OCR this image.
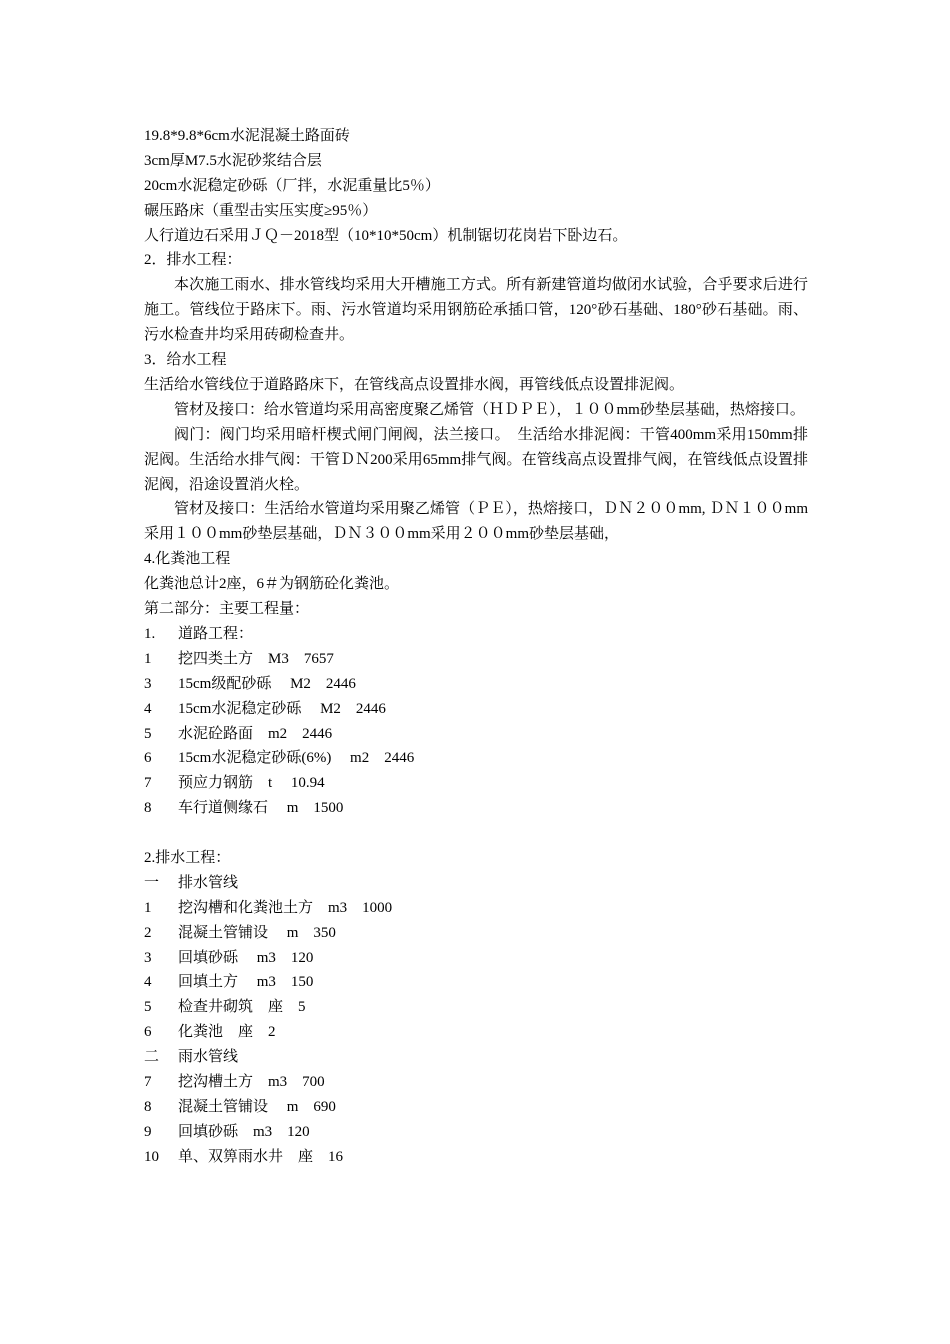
19.8*9.8*6cm水泥混凝土路面砖
3cm厚M7.5水泥砂浆结合层
20cm水泥稳定砂砾（厂拌，水泥重量比5％）
碾压路床（重型击实压实度≥95％）
人行道边石采用ＪＱ－2018型（10*10*50cm）机制锯切花岗岩下卧边石。
2．排水工程：
本次施工雨水、排水管线均采用大开槽施工方式。所有新建管道均做闭水试验，合乎要求后进行施工。管线位于路床下。雨、污水管道均采用钢筋砼承插口管，120°砂石基础、180°砂石基础。雨、污水检查井均采用砖砌检查井。
3．给水工程
生活给水管线位于道路路床下，在管线高点设置排水阀，再管线低点设置排泥阀。
管材及接口：给水管道均采用高密度聚乙烯管（ＨＤＰＥ），１００mm砂垫层基础，热熔接口。
阀门：阀门均采用暗杆楔式闸门闸阀，法兰接口。　生活给水排泥阀：干管400mm采用150mm排泥阀。生活给水排气阀：干管ＤＮ200采用65mm排气阀。在管线高点设置排气阀，在管线低点设置排泥阀，沿途设置消火栓。
管材及接口：生活给水管道均采用聚乙烯管（ＰＥ），热熔接口，ＤＮ２００mm, ＤＮ１００mm采用１００mm砂垫层基础，ＤＮ３００mm采用２００mm砂垫层基础，
4.化粪池工程
化粪池总计2座，6＃为钢筋砼化粪池。
第二部分：主要工程量：
1.	道路工程：
1	挖四类土方　M3　7657
3	15cm级配砂砾　 M2　2446
4	15cm水泥稳定砂砾　 M2　2446
5	水泥砼路面　m2　2446
6	15cm水泥稳定砂砾(6%)　 m2　2446
7	预应力钢筋　t　 10.94
8	车行道侧缘石　 m　1500
2.排水工程：
一	排水管线
1	挖沟槽和化粪池土方　m3　1000
2	混凝土管铺设　 m　350
3	回填砂砾　 m3　120
4	回填土方　 m3　150
5	检查井砌筑　座　5
6	化粪池　座　2
二	雨水管线
7	挖沟槽土方　m3　700
8	混凝土管铺设　 m　690
9	回填砂砾　m3　120
10	单、双箅雨水井　座　16
